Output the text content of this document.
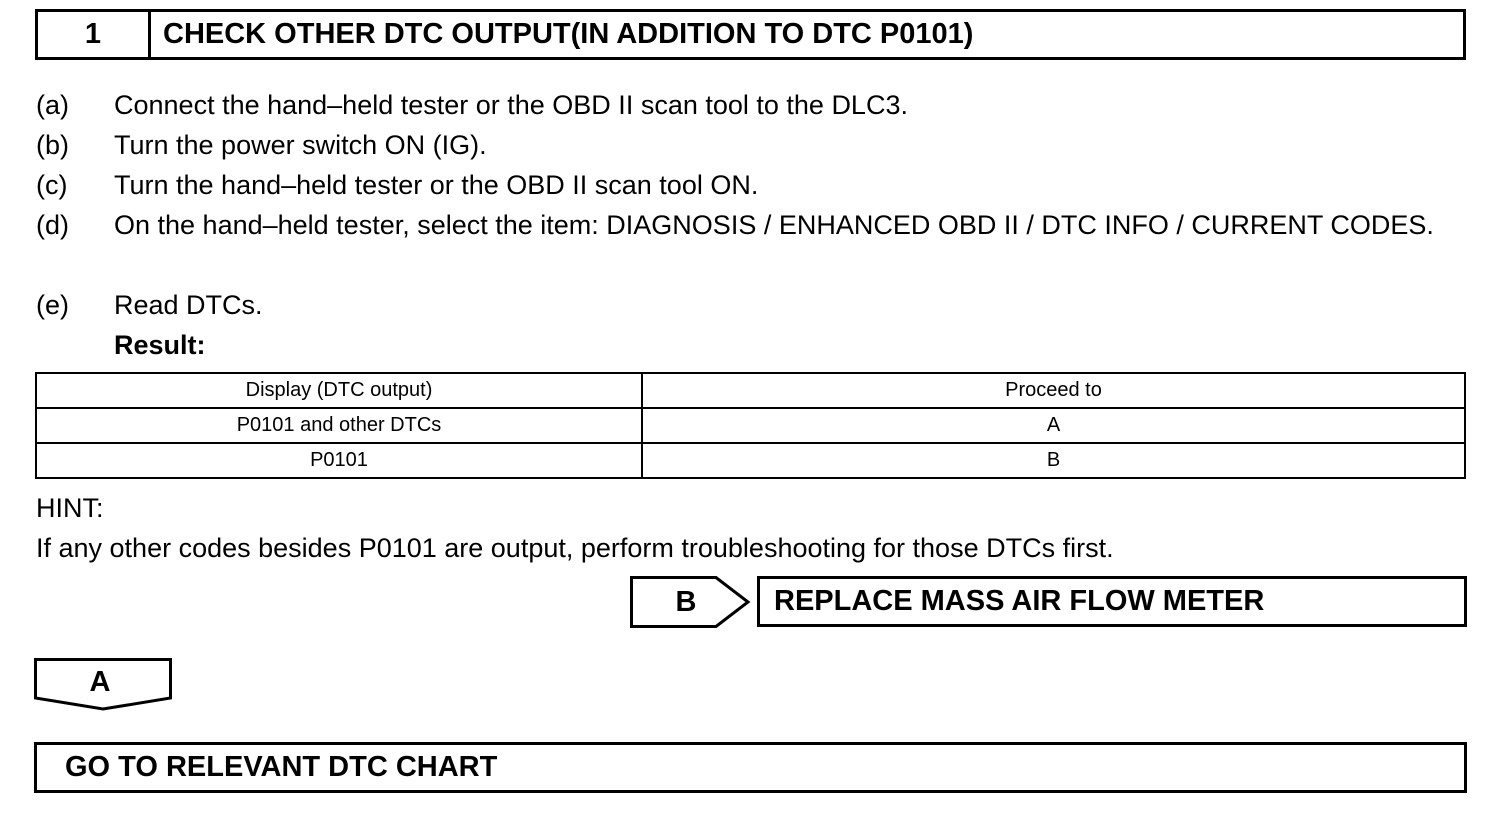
1	CHECK OTHER DTC OUTPUT(IN ADDITION TO DTC P0101)
(a) Connect the hand–held tester or the OBD II scan tool to the DLC3.
(b) Turn the power switch ON (IG).
(c) Turn the hand–held tester or the OBD II scan tool ON.
(d) On the hand–held tester, select the item: DIAGNOSIS / ENHANCED OBD II / DTC INFO / CURRENT CODES.
(e) Read DTCs.
Result:
Display (DTC output)	Proceed to
P0101 and other DTCs	A
P0101	B
HINT:
If any other codes besides P0101 are output, perform troubleshooting for those DTCs first.
B	REPLACE MASS AIR FLOW METER
A
GO TO RELEVANT DTC CHART
